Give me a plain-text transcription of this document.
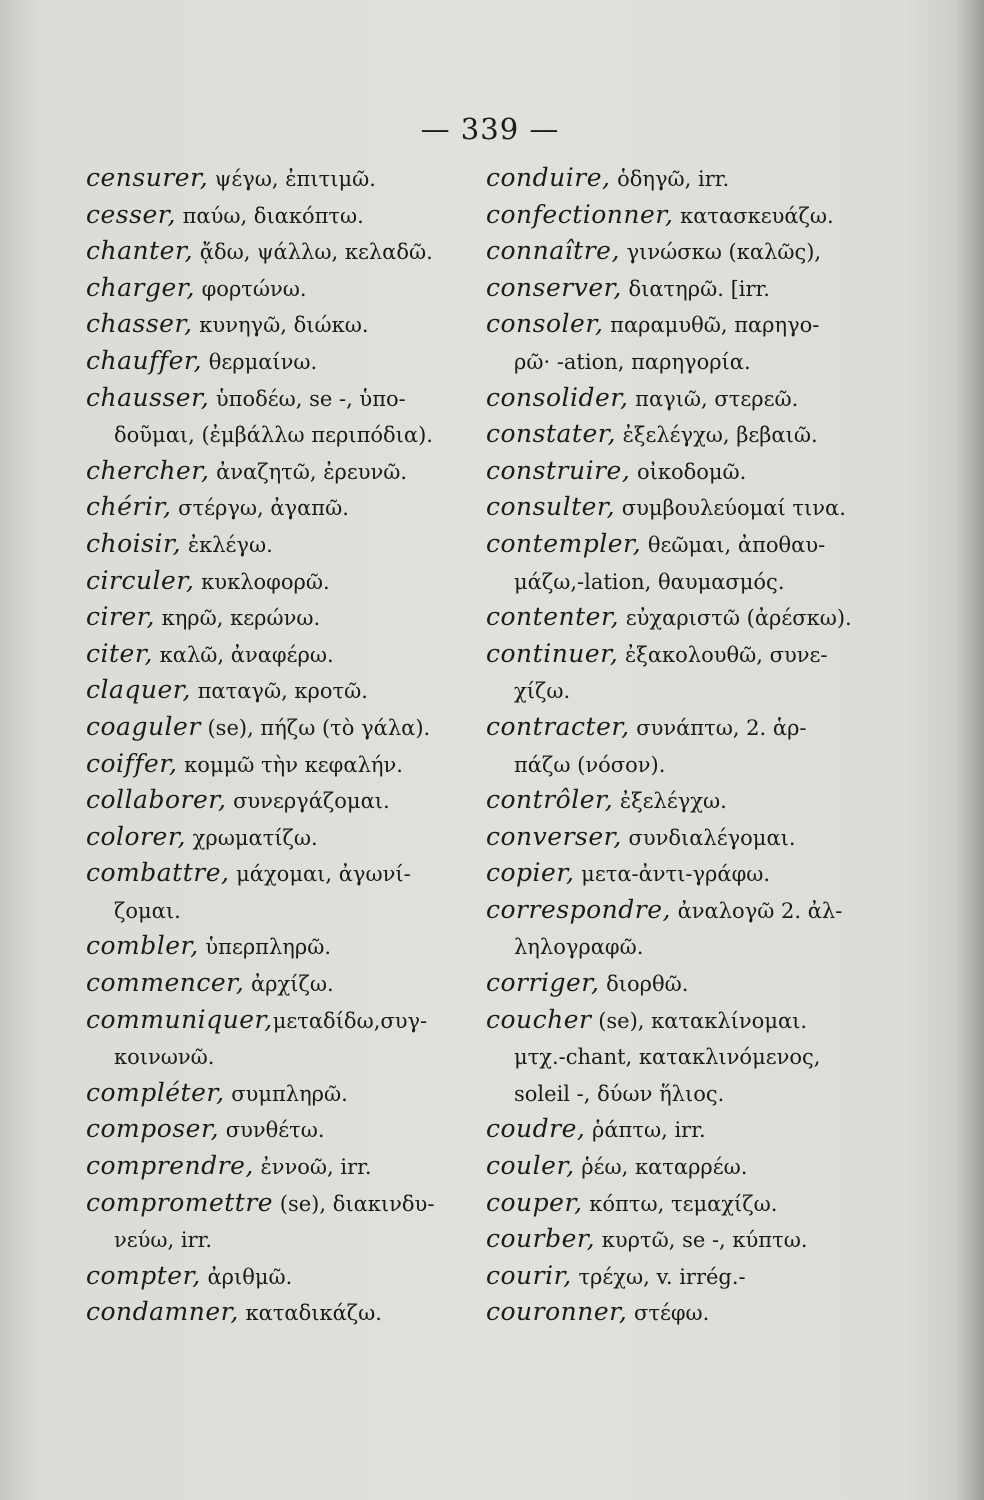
— 339 —
censurer, ψέγω, ἐπιτιμῶ.
cesser, παύω, διακόπτω.
chanter, ᾄδω, ψάλλω, κελαδῶ.
charger, φορτώνω.
chasser, κυνηγῶ, διώκω.
chauffer, θερμαίνω.
chausser, ὑποδέω, se -, ὑπο-
δοῦμαι, (ἐμβάλλω περιπόδια).
chercher, ἀναζητῶ, ἐρευνῶ.
chérir, στέργω, ἀγαπῶ.
choisir, ἐκλέγω.
circuler, κυκλοφορῶ.
cirer, κηρῶ, κερώνω.
citer, καλῶ, ἀναφέρω.
claquer, παταγῶ, κροτῶ.
coaguler (se), πήζω (τὸ γάλα).
coiffer, κομμῶ τὴν κεφαλήν.
collaborer, συνεργάζομαι.
colorer, χρωματίζω.
combattre, μάχομαι, ἀγωνί-
ζομαι.
combler, ὑπερπληρῶ.
commencer, ἀρχίζω.
communiquer,μεταδίδω,συγ-
κοινωνῶ.
compléter, συμπληρῶ.
composer, συνθέτω.
comprendre, ἐννοῶ, irr.
compromettre (se), διακινδυ-
νεύω, irr.
compter, ἀριθμῶ.
condamner, καταδικάζω.
conduire, ὁδηγῶ, irr.
confectionner, κατασκευάζω.
connaître, γινώσκω (καλῶς),
conserver, διατηρῶ. [irr.
consoler, παραμυθῶ, παρηγο-
ρῶ· -ation, παρηγορία.
consolider, παγιῶ, στερεῶ.
constater, ἐξελέγχω, βεβαιῶ.
construire, οἰκοδομῶ.
consulter, συμβουλεύομαί τινα.
contempler, θεῶμαι, ἀποθαυ-
μάζω,-lation, θαυμασμός.
contenter, εὐχαριστῶ (ἀρέσκω).
continuer, ἐξακολουθῶ, συνε-
χίζω.
contracter, συνάπτω, 2. ἁρ-
πάζω (νόσον).
contrôler, ἐξελέγχω.
converser, συνδιαλέγομαι.
copier, μετα-ἀντι-γράφω.
correspondre, ἀναλογῶ 2. ἀλ-
ληλογραφῶ.
corriger, διορθῶ.
coucher (se), κατακλίνομαι.
μτχ.-chant, κατακλινόμενος,
soleil -, δύων ἥλιος.
coudre, ῥάπτω, irr.
couler, ῥέω, καταρρέω.
couper, κόπτω, τεμαχίζω.
courber, κυρτῶ, se -, κύπτω.
courir, τρέχω, v. irrég.-
couronner, στέφω.
